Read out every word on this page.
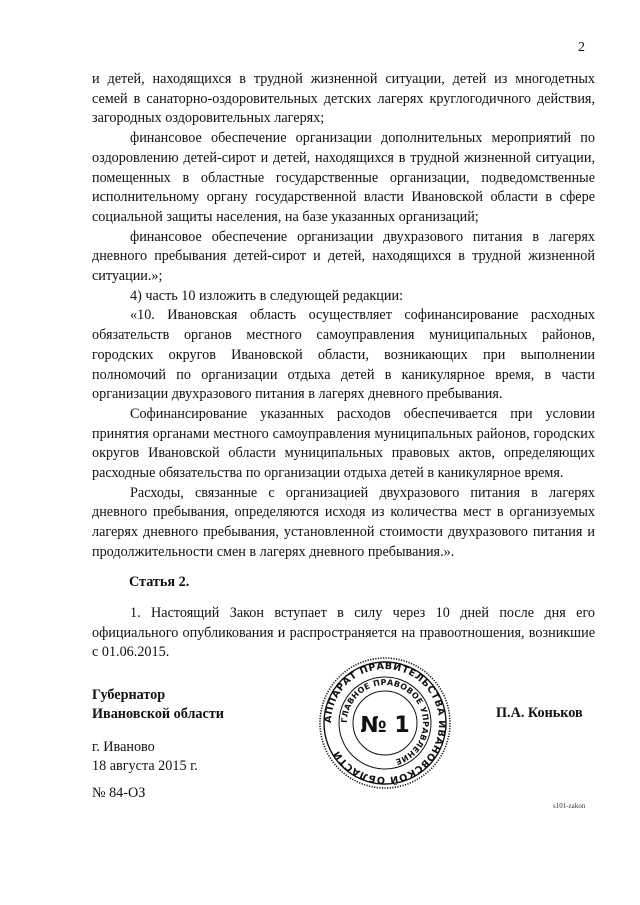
2

и детей, находящихся в трудной жизненной ситуации, детей из многодетных семей в санаторно-оздоровительных детских лагерях круглогодичного действия, загородных оздоровительных лагерях;

финансовое обеспечение организации дополнительных мероприятий по оздоровлению детей-сирот и детей, находящихся в трудной жизненной ситуации, помещенных в областные государственные организации, подведомственные исполнительному органу государственной власти Ивановской области в сфере социальной защиты населения, на базе указанных организаций;

финансовое обеспечение организации двухразового питания в лагерях дневного пребывания детей-сирот и детей, находящихся в трудной жизненной ситуации.»;

4) часть 10 изложить в следующей редакции:

«10. Ивановская область осуществляет софинансирование расходных обязательств органов местного самоуправления муниципальных районов, городских округов Ивановской области, возникающих при выполнении полномочий по организации отдыха детей в каникулярное время, в части организации двухразового питания в лагерях дневного пребывания.

Софинансирование указанных расходов обеспечивается при условии принятия органами местного самоуправления муниципальных районов, городских округов Ивановской области муниципальных правовых актов, определяющих расходные обязательства по организации отдыха детей в каникулярное время.

Расходы, связанные с организацией двухразового питания в лагерях дневного пребывания, определяются исходя из количества мест в организуемых лагерях дневного пребывания, установленной стоимости двухразового питания и продолжительности смен в лагерях дневного пребывания.».

Статья 2.

1. Настоящий Закон вступает в силу через 10 дней после дня его официального опубликования и распространяется на правоотношения, возникшие с 01.06.2015.

Губернатор
Ивановской области	П.А. Коньков
г. Иваново
18 августа 2015 г.
№ 84-ОЗ
s101-zakon
АППАРАТ ПРАВИТЕЛЬСТВА ИВАНОВСКОЙ ОБЛАСТИ
ГЛАВНОЕ ПРАВОВОЕ УПРАВЛЕНИЕ
№ 1
